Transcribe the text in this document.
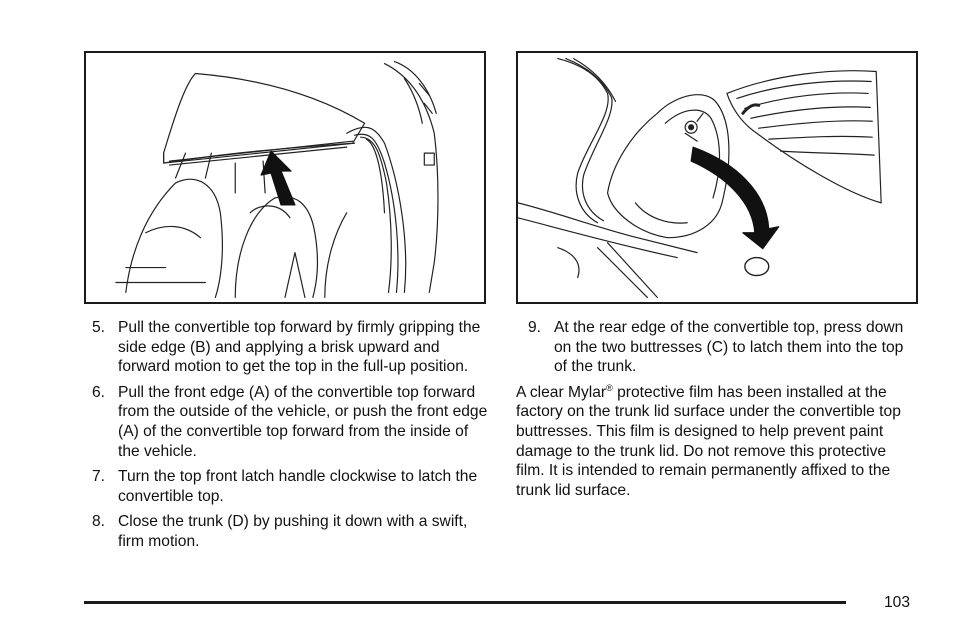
5. Pull the convertible top forward by firmly gripping the side edge (B) and applying a brisk upward and forward motion to get the top in the full-up position.
6. Pull the front edge (A) of the convertible top forward from the outside of the vehicle, or push the front edge (A) of the convertible top forward from the inside of the vehicle.
7. Turn the top front latch handle clockwise to latch the convertible top.
8. Close the trunk (D) by pushing it down with a swift, firm motion.
9. At the rear edge of the convertible top, press down on the two buttresses (C) to latch them into the top of the trunk.

A clear Mylar® protective film has been installed at the factory on the trunk lid surface under the convertible top buttresses. This film is designed to help prevent paint damage to the trunk lid. Do not remove this protective film. It is intended to remain permanently affixed to the trunk lid surface.

103
